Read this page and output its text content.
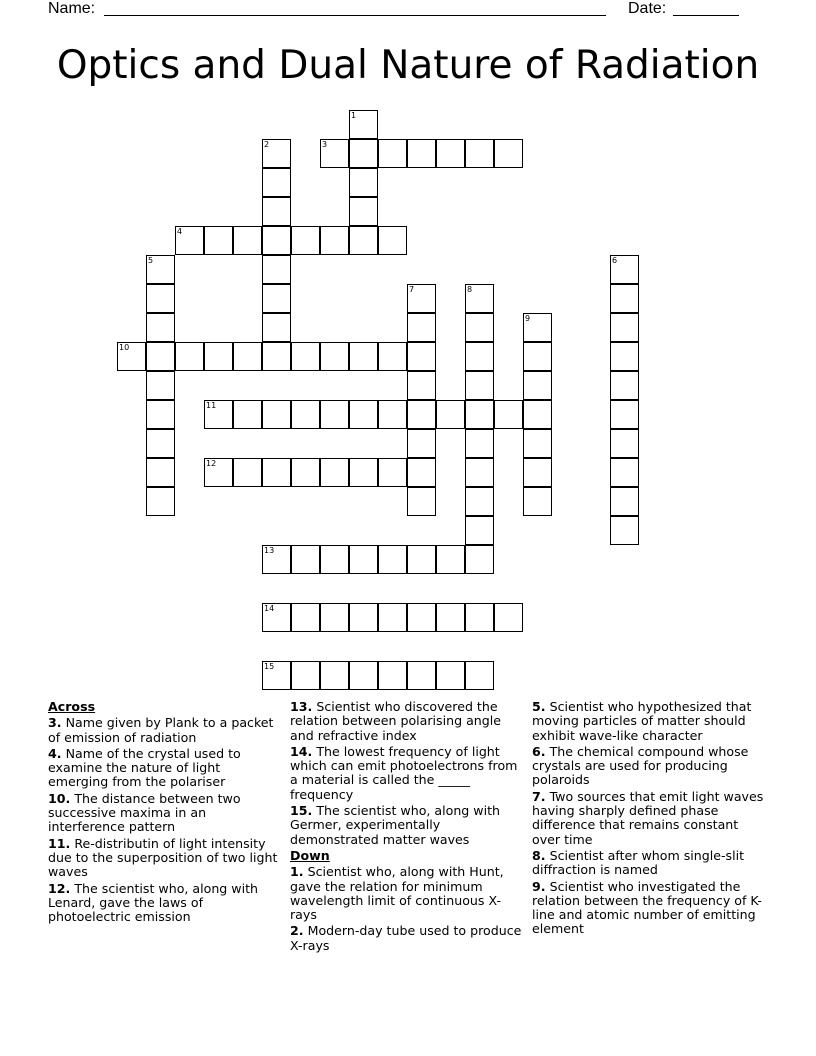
Name:	Date:
Optics and Dual Nature of Radiation
1
2	3
4
5	6
7	8
9
10
11
12
13
14
15
Across
3. Name given by Plank to a packet of emission of radiation
4. Name of the crystal used to examine the nature of light emerging from the polariser
10. The distance between two successive maxima in an interference pattern
11. Re-distributin of light intensity due to the superposition of two light waves
12. The scientist who, along with Lenard, gave the laws of photoelectric emission
13. Scientist who discovered the relation between polarising angle and refractive index
14. The lowest frequency of light which can emit photoelectrons from a material is called the _____ frequency
15. The scientist who, along with Germer, experimentally demonstrated matter waves
Down
1. Scientist who, along with Hunt, gave the relation for minimum wavelength limit of continuous X-rays
2. Modern-day tube used to produce X-rays
5. Scientist who hypothesized that moving particles of matter should exhibit wave-like character
6. The chemical compound whose crystals are used for producing polaroids
7. Two sources that emit light waves having sharply defined phase difference that remains constant over time
8. Scientist after whom single-slit diffraction is named
9. Scientist who investigated the relation between the frequency of K-line and atomic number of emitting element
